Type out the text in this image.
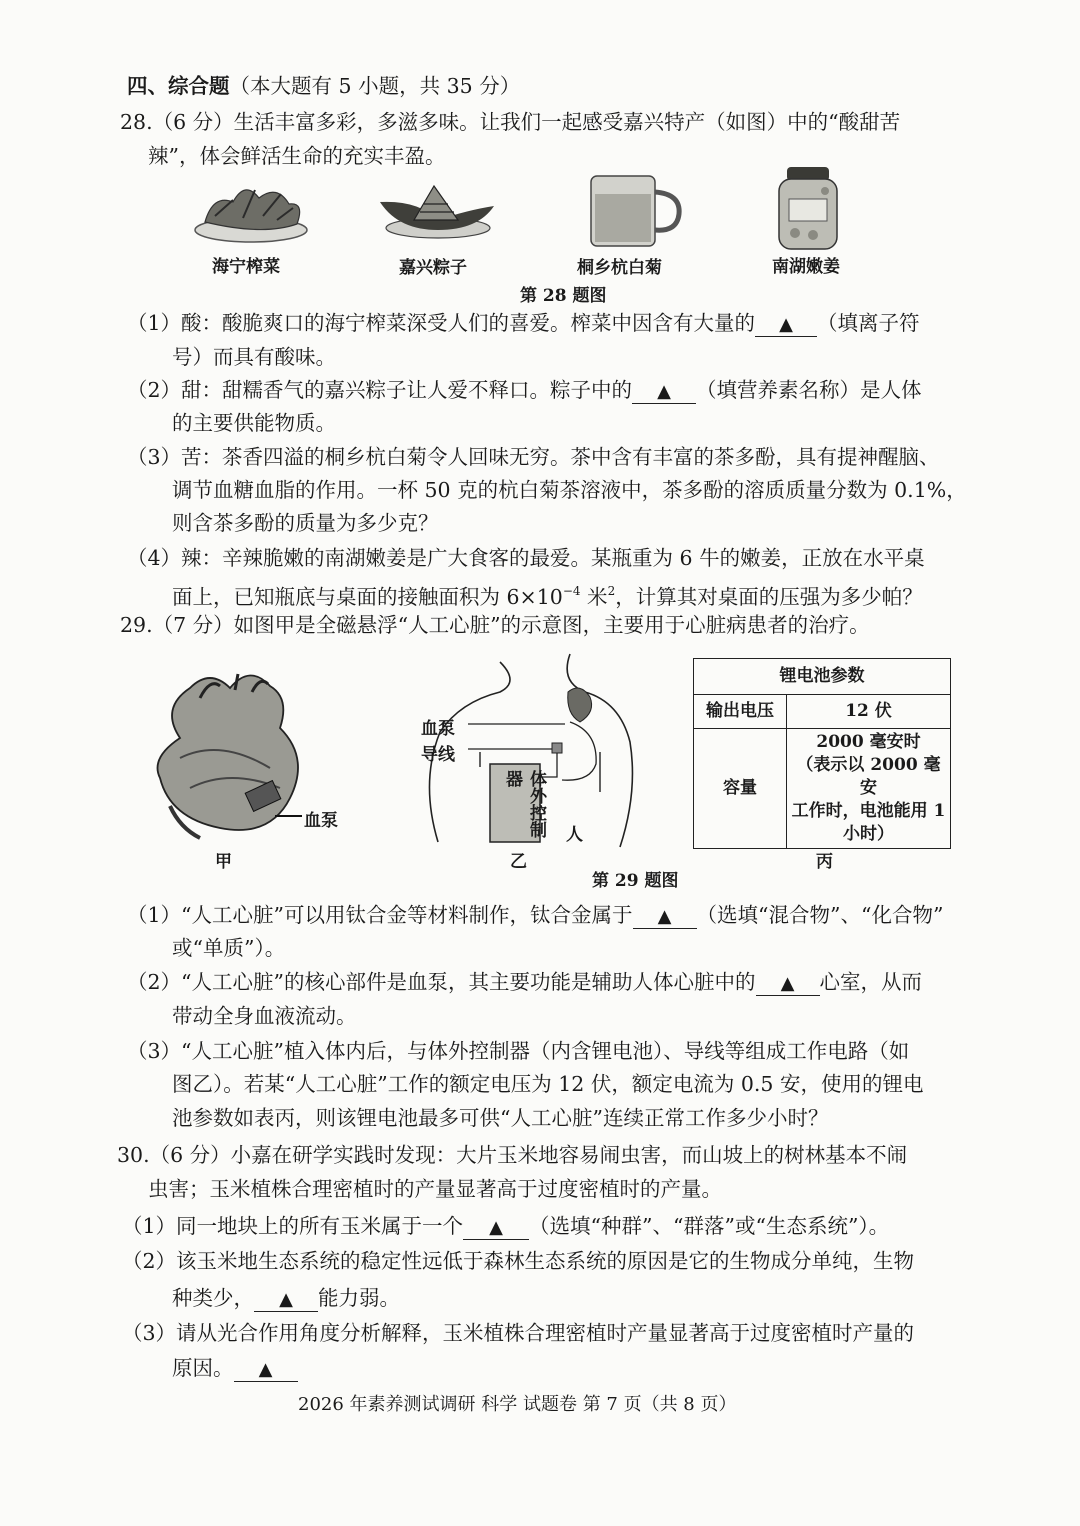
四、综合题（本大题有 5 小题，共 35 分）
28.（6 分）生活丰富多彩，多滋多味。让我们一起感受嘉兴特产（如图）中的“酸甜苦
辣”，体会鲜活生命的充实丰盈。
海宁榨菜	嘉兴粽子	桐乡杭白菊	南湖嫩姜
第 28 题图
（1）酸：酸脆爽口的海宁榨菜深受人们的喜爱。榨菜中因含有大量的 ▲ （填离子符
号）而具有酸味。
（2）甜：甜糯香气的嘉兴粽子让人爱不释口。粽子中的 ▲ （填营养素名称）是人体
的主要供能物质。
（3）苦：茶香四溢的桐乡杭白菊令人回味无穷。茶中含有丰富的茶多酚，具有提神醒脑、
调节血糖血脂的作用。一杯 50 克的杭白菊茶溶液中，茶多酚的溶质质量分数为 0.1%，
则含茶多酚的质量为多少克？
（4）辣：辛辣脆嫩的南湖嫩姜是广大食客的最爱。某瓶重为 6 牛的嫩姜，正放在水平桌
面上，已知瓶底与桌面的接触面积为 $6\times 10^{-4}$ 米$^2$，计算其对桌面的压强为多少帕？
29.（7 分）如图甲是全磁悬浮“人工心脏”的示意图，主要用于心脏病患者的治疗。
血泵
血泵
导线
体外控制器
人
锂电池参数	
输出电压	12 伏
容量	2000 毫安时
（表示以 2000 毫安
工作时，电池能用 1
小时）
甲	乙	丙
第 29 题图
（1）“人工心脏”可以用钛合金等材料制作，钛合金属于 ▲ （选填“混合物”、“化合物”
或“单质”）。
（2）“人工心脏”的核心部件是血泵，其主要功能是辅助人体心脏中的 ▲ 心室，从而
带动全身血液流动。
（3）“人工心脏”植入体内后，与体外控制器（内含锂电池）、导线等组成工作电路（如
图乙）。若某“人工心脏”工作的额定电压为 12 伏，额定电流为 0.5 安，使用的锂电
池参数如表丙，则该锂电池最多可供“人工心脏”连续正常工作多少小时？
30.（6 分）小嘉在研学实践时发现：大片玉米地容易闹虫害，而山坡上的树林基本不闹
虫害；玉米植株合理密植时的产量显著高于过度密植时的产量。
（1）同一地块上的所有玉米属于一个 ▲ （选填“种群”、“群落”或“生态系统”）。
（2）该玉米地生态系统的稳定性远低于森林生态系统的原因是它的生物成分单纯，生物
种类少， ▲ 能力弱。
（3）请从光合作用角度分析解释，玉米植株合理密植时产量显著高于过度密植时产量的
原因。 ▲
2026 年素养测试调研 科学 试题卷 第 7 页（共 8 页）
